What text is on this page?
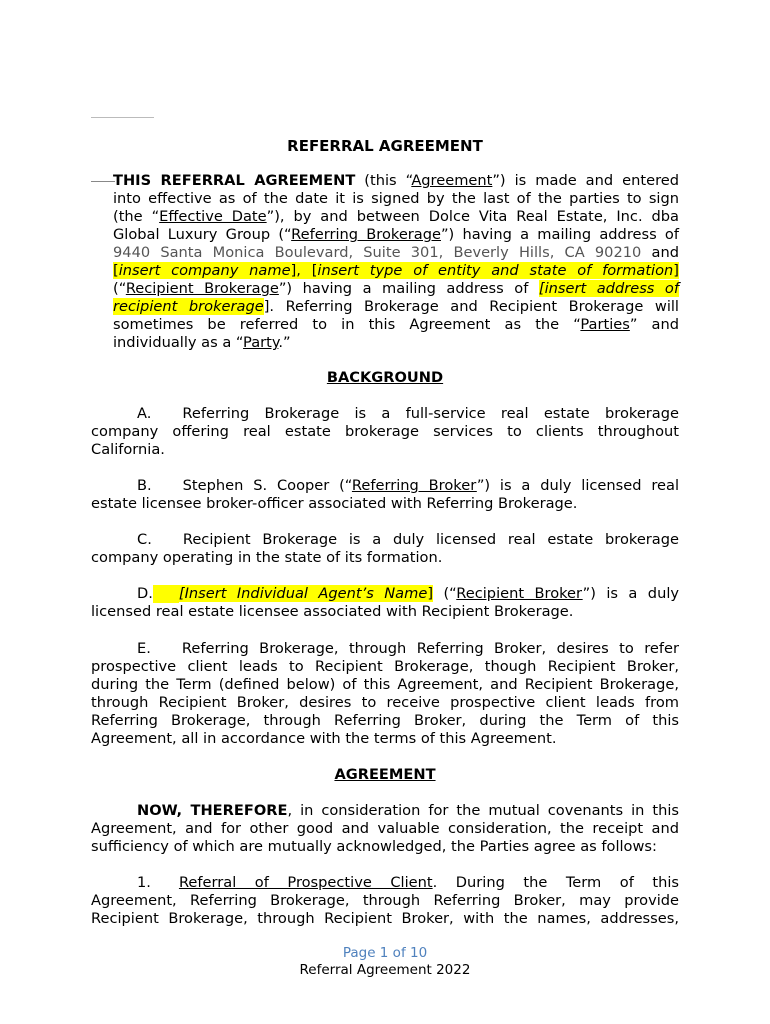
REFERRAL AGREEMENT
THIS REFERRAL AGREEMENT (this “Agreement”) is made and entered
into effective as of the date it is signed by the last of the parties to sign
(the “Effective Date”), by and between Dolce Vita Real Estate, Inc. dba
Global Luxury Group (“Referring Brokerage”) having a mailing address of
9440 Santa Monica Boulevard, Suite 301, Beverly Hills, CA 90210 and
[insert company name], [insert type of entity and state of formation]
(“Recipient Brokerage”) having a mailing address of [insert address of
recipient brokerage]. Referring Brokerage and Recipient Brokerage will
sometimes be referred to in this Agreement as the “Parties” and
individually as a “Party.”
BACKGROUND
A. Referring Brokerage is a full-service real estate brokerage
company offering real estate brokerage services to clients throughout
California.
B. Stephen S. Cooper (“Referring Broker”) is a duly licensed real
estate licensee broker-officer associated with Referring Brokerage.
C. Recipient Brokerage is a duly licensed real estate brokerage
company operating in the state of its formation.
D. [Insert Individual Agent’s Name] (“Recipient Broker”) is a duly
licensed real estate licensee associated with Recipient Brokerage.
E. Referring Brokerage, through Referring Broker, desires to refer
prospective client leads to Recipient Brokerage, though Recipient Broker,
during the Term (defined below) of this Agreement, and Recipient Brokerage,
through Recipient Broker, desires to receive prospective client leads from
Referring Brokerage, through Referring Broker, during the Term of this
Agreement, all in accordance with the terms of this Agreement.
AGREEMENT
NOW, THEREFORE, in consideration for the mutual covenants in this
Agreement, and for other good and valuable consideration, the receipt and
sufficiency of which are mutually acknowledged, the Parties agree as follows:
1. Referral of Prospective Client. During the Term of this
Agreement, Referring Brokerage, through Referring Broker, may provide
Recipient Brokerage, through Recipient Broker, with the names, addresses,
Page 1 of 10
Referral Agreement 2022
